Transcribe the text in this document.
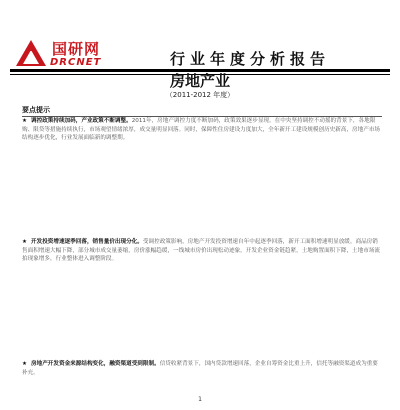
国研网
DRCNET	行业年度分析报告
房地产业
（2011-2012 年度）
要点提示
★ 调控政策持续加码，产业政策不断调整。2011年，房地产调控力度不断加码，政策效果逐步显现。在中央坚持调控不动摇的背景下，各地限购、限贷等措施持续执行，市场观望情绪浓厚，成交量明显回落。同时，保障性住房建设力度加大，全年新开工建设规模创历史新高，房地产市场结构逐步优化，行业发展面临新的调整期。
★ 开发投资增速逐季回落，销售量价出现分化。受调控政策影响，房地产开发投资增速自年中起逐季回落，新开工面积增速明显放缓。商品房销售面积增速大幅下降，部分城市成交量萎缩，房价涨幅趋缓，一线城市房价出现松动迹象。开发企业资金链趋紧，土地购置面积下降，土地市场流拍现象增多，行业整体进入调整阶段。
★ 房地产开发资金来源结构变化，融资渠道受到限制。信贷收紧背景下，国内贷款增速回落，企业自筹资金比重上升，信托等融资渠道成为重要补充。
1
